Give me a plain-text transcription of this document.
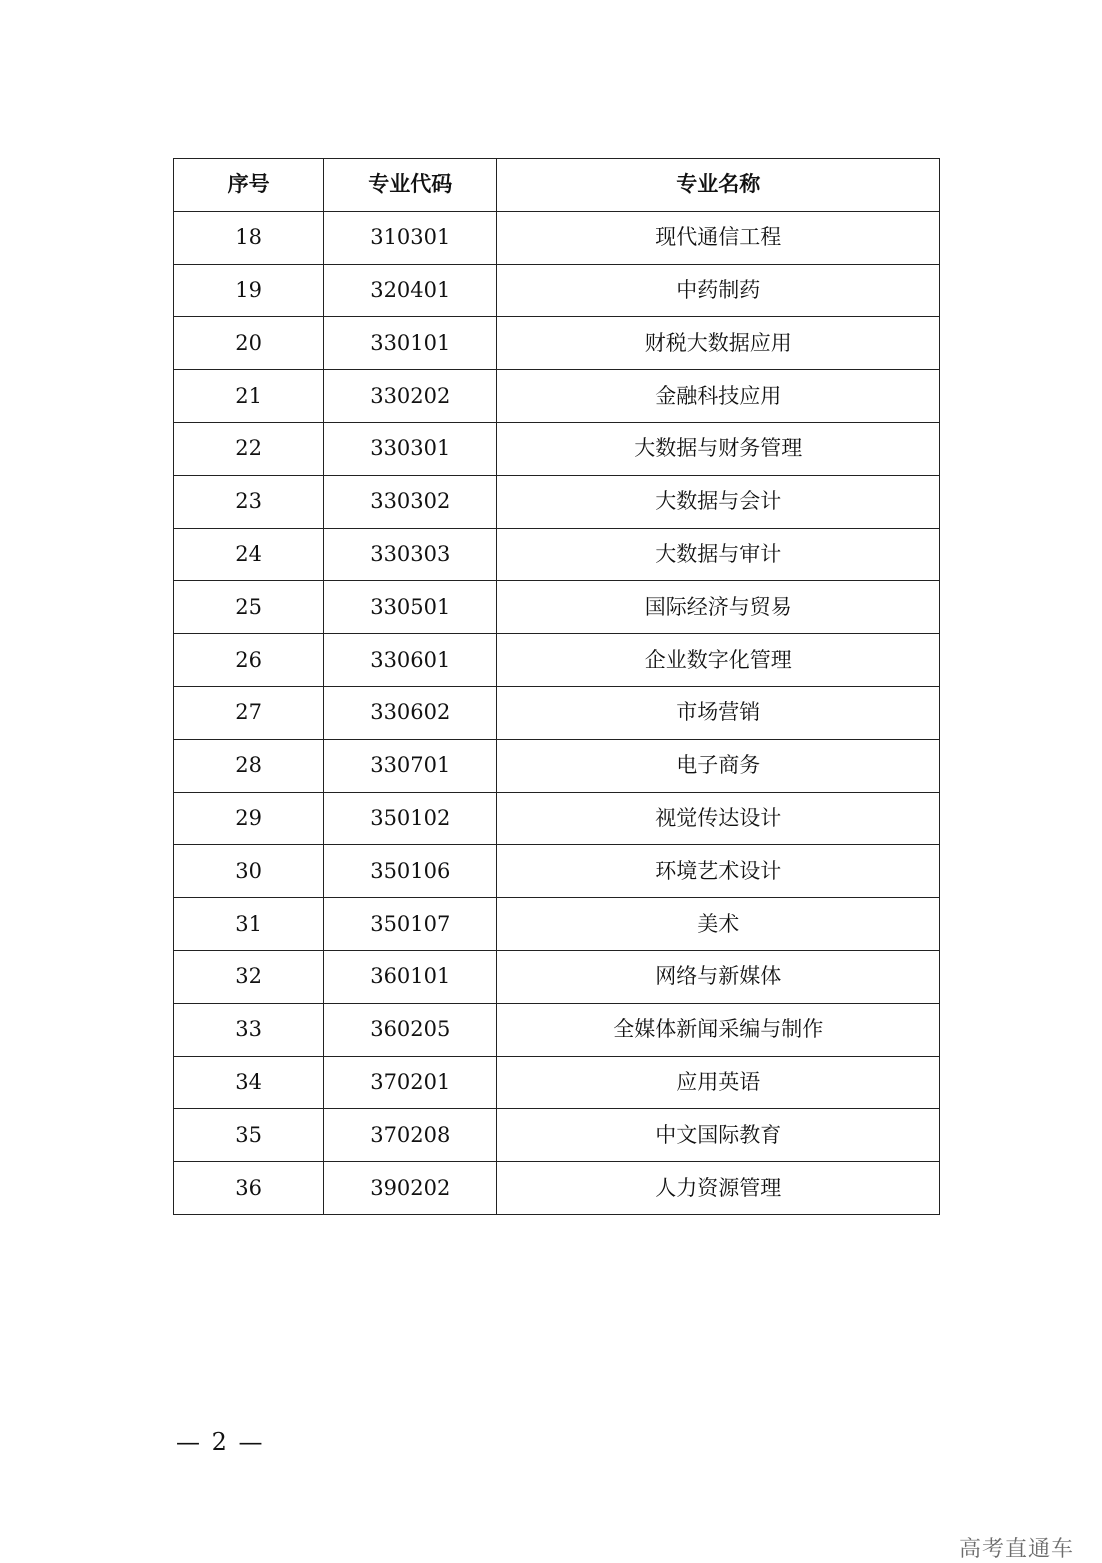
序号	专业代码	专业名称
18	310301	现代通信工程
19	320401	中药制药
20	330101	财税大数据应用
21	330202	金融科技应用
22	330301	大数据与财务管理
23	330302	大数据与会计
24	330303	大数据与审计
25	330501	国际经济与贸易
26	330601	企业数字化管理
27	330602	市场营销
28	330701	电子商务
29	350102	视觉传达设计
30	350106	环境艺术设计
31	350107	美术
32	360101	网络与新媒体
33	360205	全媒体新闻采编与制作
34	370201	应用英语
35	370208	中文国际教育
36	390202	人力资源管理
— 2 —
高考直通车
